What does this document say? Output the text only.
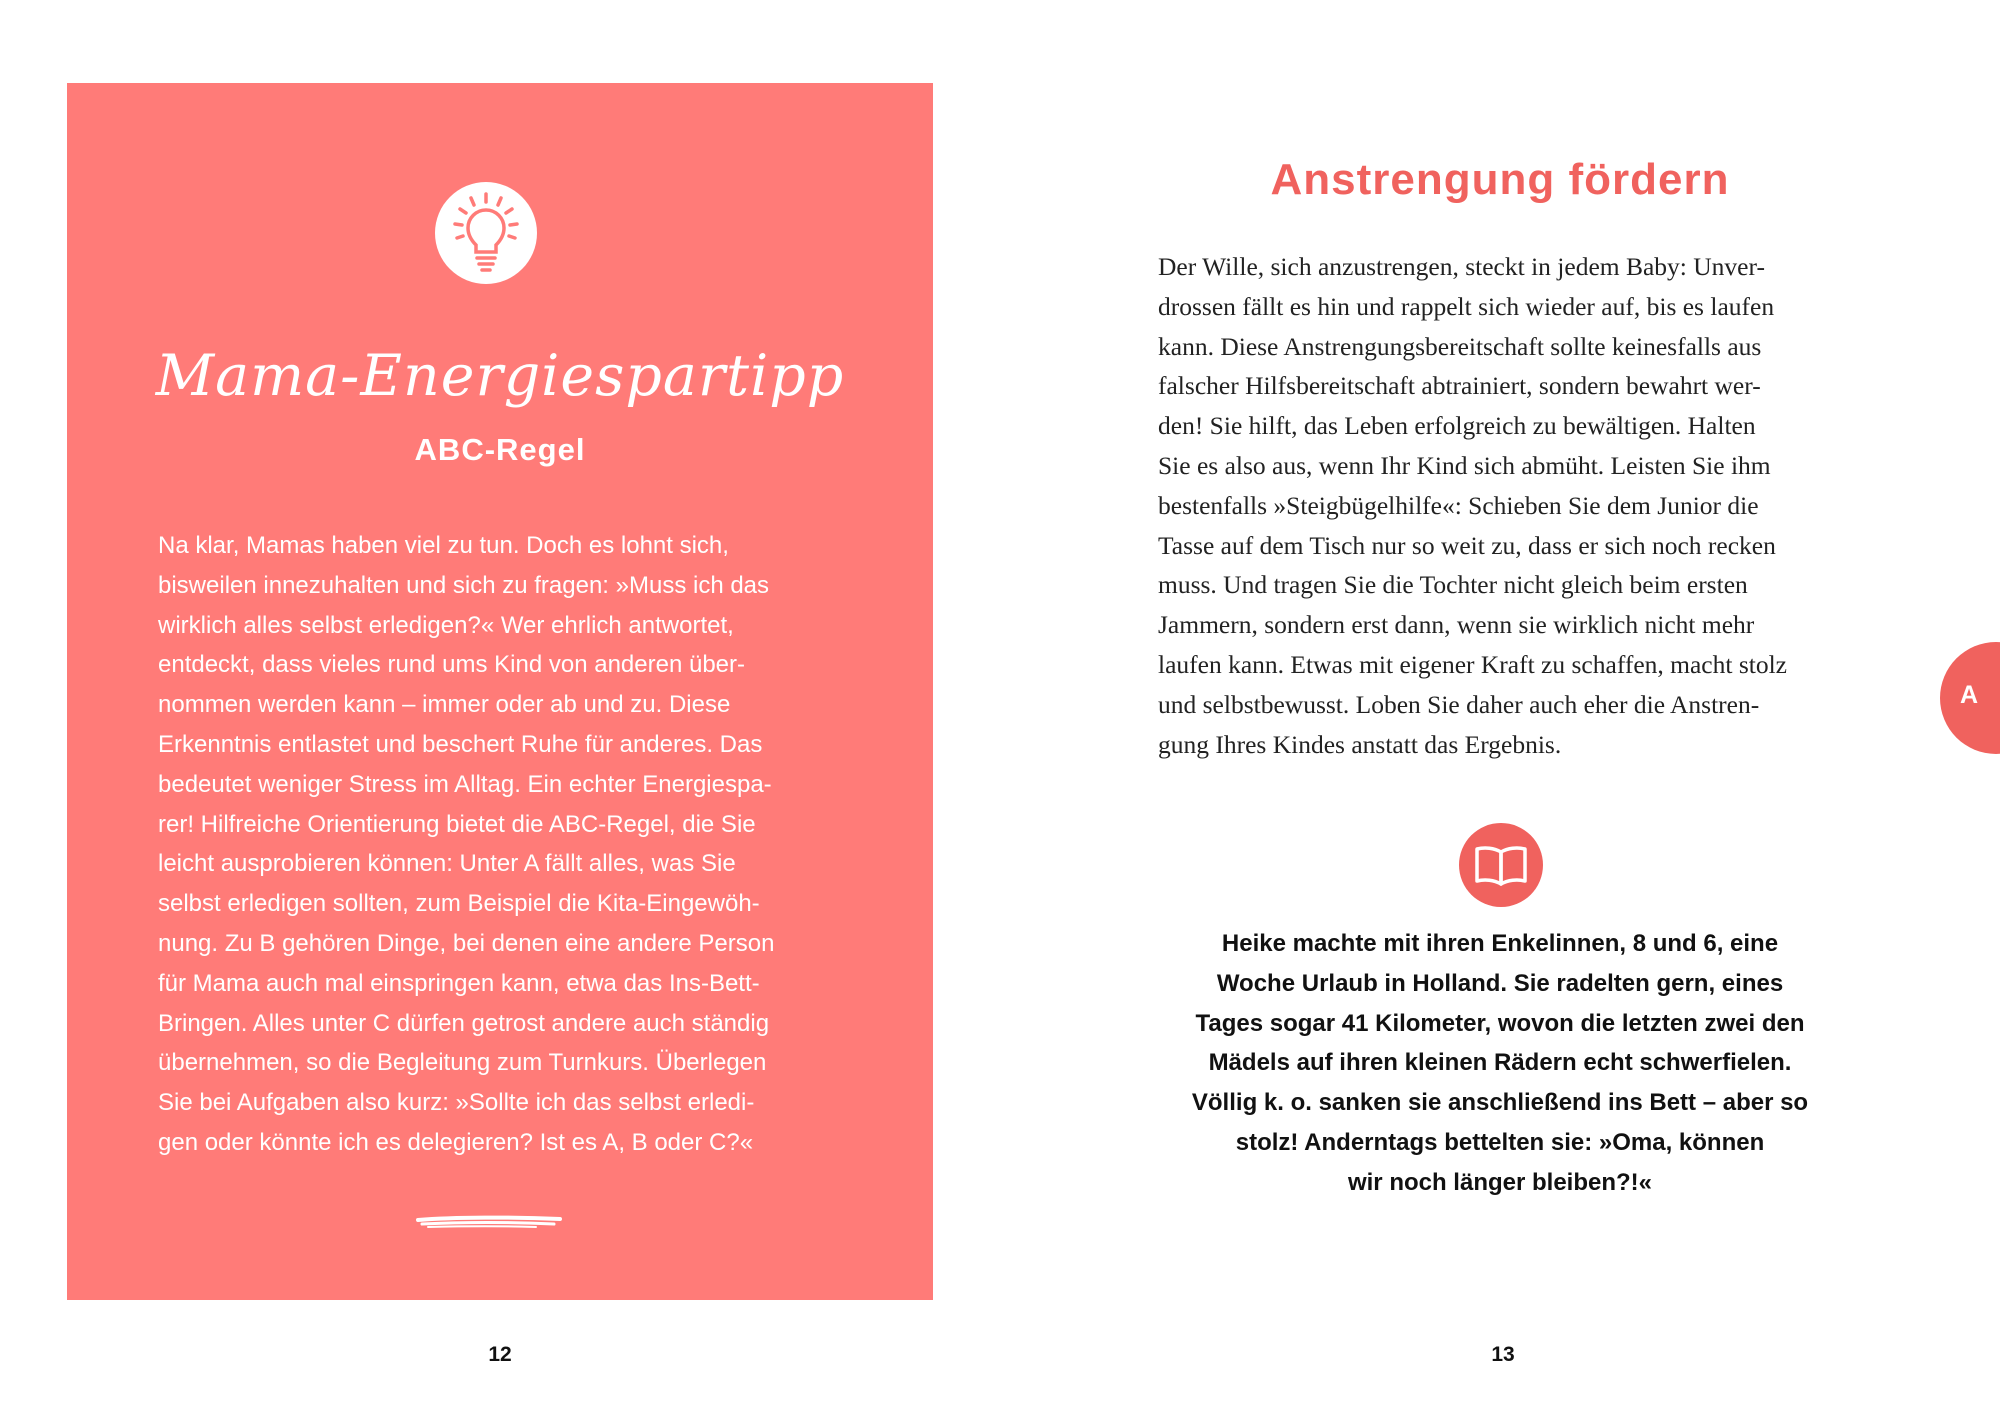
Mama-Energiespartipp
ABC-Regel
Na klar, Mamas haben viel zu tun. Doch es lohnt sich,
bisweilen innezuhalten und sich zu fragen: »Muss ich das
wirklich alles selbst erledigen?« Wer ehrlich antwortet,
entdeckt, dass vieles rund ums Kind von anderen über-
nommen werden kann – immer oder ab und zu. Diese
Erkenntnis entlastet und beschert Ruhe für anderes. Das
bedeutet weniger Stress im Alltag. Ein echter Energiespa-
rer! Hilfreiche Orientierung bietet die ABC-Regel, die Sie
leicht ausprobieren können: Unter A fällt alles, was Sie
selbst erledigen sollten, zum Beispiel die Kita-Eingewöh-
nung. Zu B gehören Dinge, bei denen eine andere Person
für Mama auch mal einspringen kann, etwa das Ins-Bett-
Bringen. Alles unter C dürfen getrost andere auch ständig
übernehmen, so die Begleitung zum Turnkurs. Überlegen
Sie bei Aufgaben also kurz: »Sollte ich das selbst erledi-
gen oder könnte ich es delegieren? Ist es A, B oder C?«
12
Anstrengung fördern
Der Wille, sich anzustrengen, steckt in jedem Baby: Unver-
drossen fällt es hin und rappelt sich wieder auf, bis es laufen
kann. Diese Anstrengungsbereitschaft sollte keinesfalls aus
falscher Hilfsbereitschaft abtrainiert, sondern bewahrt wer-
den! Sie hilft, das Leben erfolgreich zu bewältigen. Halten
Sie es also aus, wenn Ihr Kind sich abmüht. Leisten Sie ihm
bestenfalls »Steigbügelhilfe«: Schieben Sie dem Junior die
Tasse auf dem Tisch nur so weit zu, dass er sich noch recken
muss. Und tragen Sie die Tochter nicht gleich beim ersten
Jammern, sondern erst dann, wenn sie wirklich nicht mehr
laufen kann. Etwas mit eigener Kraft zu schaffen, macht stolz
und selbstbewusst. Loben Sie daher auch eher die Anstren-
gung Ihres Kindes anstatt das Ergebnis.
Heike machte mit ihren Enkelinnen, 8 und 6, eine
Woche Urlaub in Holland. Sie radelten gern, eines
Tages sogar 41 Kilometer, wovon die letzten zwei den
Mädels auf ihren kleinen Rädern echt schwerfielen.
Völlig k. o. sanken sie anschließend ins Bett – aber so
stolz! Anderntags bettelten sie: »Oma, können
wir noch länger bleiben?!«
13
A
